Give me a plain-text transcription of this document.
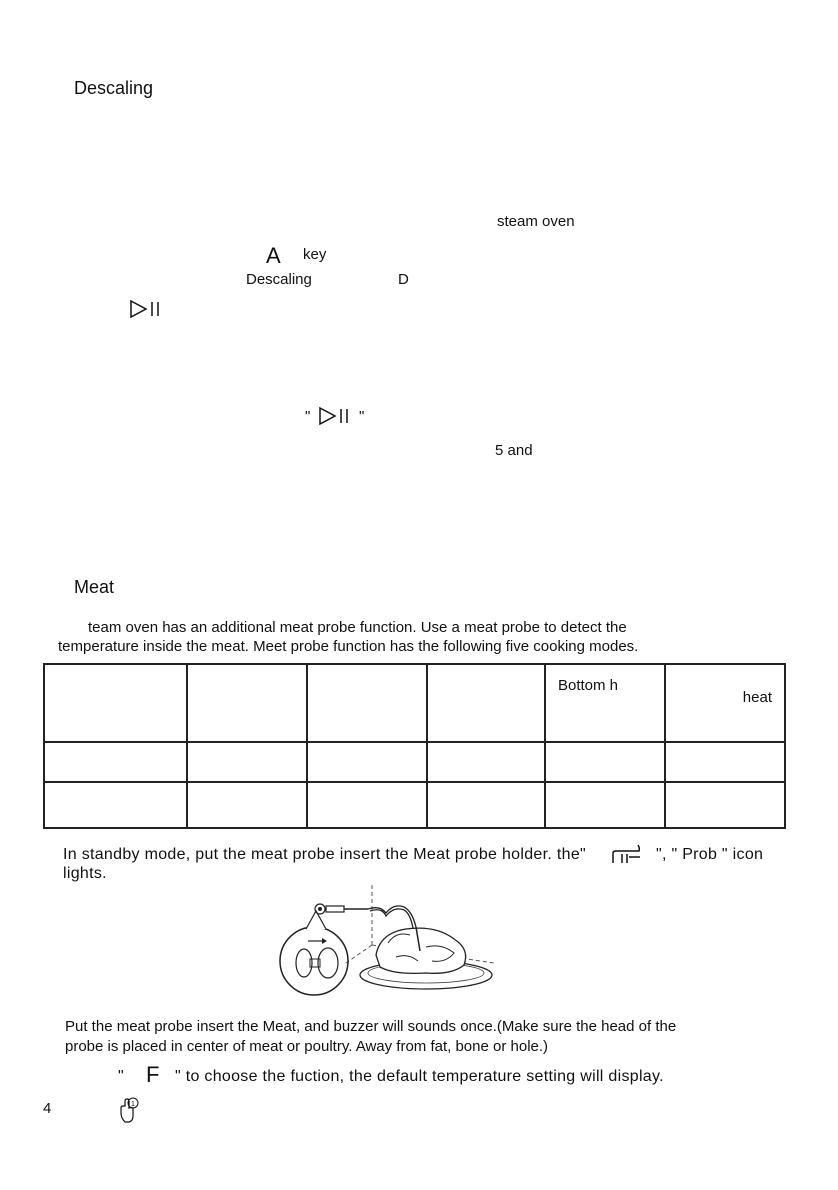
Descaling
Meat
steam oven
A key
Descaling	D
"	"
5 and
team oven has an additional meat probe function. Use a meat probe to detect the
temperature inside the meat. Meet probe function has the following five cooking modes.

				Bottom h	heat

In standby mode, put the meat probe insert the Meat probe holder. the"	", " Prob " icon
lights.
Put the meat probe insert the Meat, and buzzer will sounds once.(Make sure the head of the
probe is placed in center of meat or poultry. Away from fat, bone or hole.)
" F " to choose the fuction, the default temperature setting will display.
4	1
